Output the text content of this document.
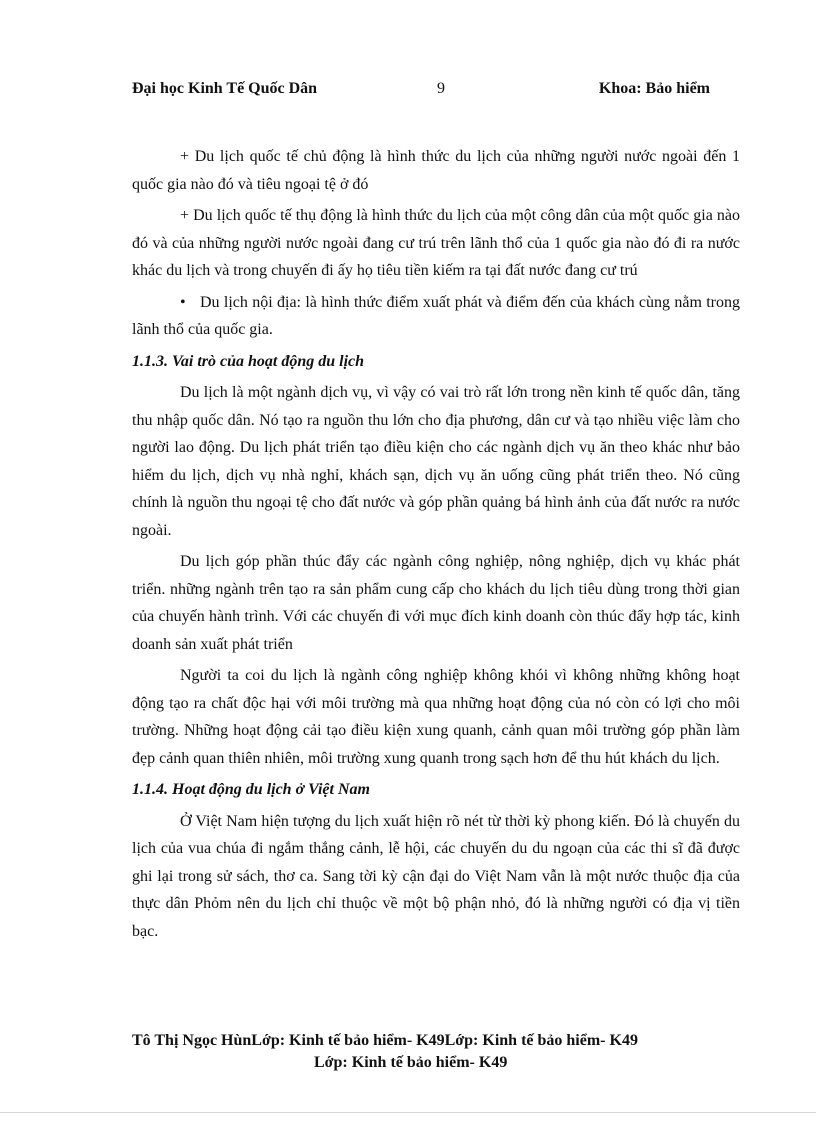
Đại học Kinh Tế Quốc Dân	9	Khoa: Bảo hiểm

+ Du lịch quốc tế chủ động là hình thức du lịch của những người nước ngoài đến 1 quốc gia nào đó và tiêu ngoại tệ ở đó

+ Du lịch quốc tế thụ động là hình thức du lịch của một công dân của một quốc gia nào đó và của những người nước ngoài đang cư trú trên lãnh thổ của 1 quốc gia nào đó đi ra nước khác du lịch và trong chuyến đi ấy họ tiêu tiền kiếm ra tại đất nước đang cư trú

• Du lịch nội địa: là hình thức điểm xuất phát và điểm đến của khách cùng nằm trong lãnh thổ của quốc gia.

1.1.3. Vai trò của hoạt động du lịch

Du lịch là một ngành dịch vụ, vì vậy có vai trò rất lớn trong nền kinh tế quốc dân, tăng thu nhập quốc dân. Nó tạo ra nguồn thu lớn cho địa phương, dân cư và tạo nhiều việc làm cho người lao động. Du lịch phát triển tạo điều kiện cho các ngành dịch vụ ăn theo khác như bảo hiểm du lịch, dịch vụ nhà nghỉ, khách sạn, dịch vụ ăn uống cũng phát triển theo. Nó cũng chính là nguồn thu ngoại tệ cho đất nước và góp phần quảng bá hình ảnh của đất nước ra nước ngoài.

Du lịch góp phần thúc đẩy các ngành công nghiệp, nông nghiệp, dịch vụ khác phát triển. những ngành trên tạo ra sản phẩm cung cấp cho khách du lịch tiêu dùng trong thời gian của chuyến hành trình. Với các chuyến đi với mục đích kinh doanh còn thúc đẩy hợp tác, kinh doanh sản xuất phát triển

Người ta coi du lịch là ngành công nghiệp không khói vì không những không hoạt động tạo ra chất độc hại với môi trường mà qua những hoạt động của nó còn có lợi cho môi trường. Những hoạt động cải tạo điều kiện xung quanh, cảnh quan môi trường góp phần làm đẹp cảnh quan thiên nhiên, môi trường xung quanh trong sạch hơn để thu hút khách du lịch.

1.1.4. Hoạt động du lịch ở Việt Nam

Ở Việt Nam hiện tượng du lịch xuất hiện rõ nét từ thời kỳ phong kiến. Đó là chuyến du lịch của vua chúa đi ngắm thắng cảnh, lễ hội, các chuyến du du ngoạn của các thi sĩ đã được ghi lại trong sử sách, thơ ca. Sang tời kỳ cận đại do Việt Nam vẫn là một nước thuộc địa của thực dân Phỏm nên du lịch chỉ thuộc về một bộ phận nhỏ, đó là những người có địa vị tiền bạc.

Tô Thị Ngọc HùnLớp: Kinh tế bảo hiểm- K49Lớp: Kinh tế bảo hiểm- K49
Lớp: Kinh tế bảo hiểm- K49
